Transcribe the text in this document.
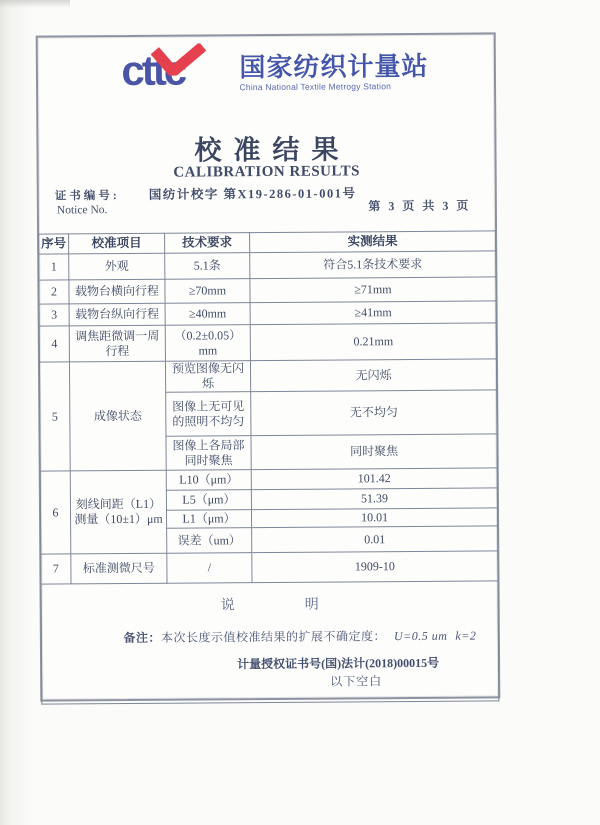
cttc	国家纺织计量站
China National Textile Metrogy Station
校准结果
CALIBRATION RESULTS
证书编号:
Notice No.
国纺计校字 第X19-286-01-001号
第 3 页 共 3 页
序号	校准项目	技术要求	实测结果
1	外观	5.1条	符合5.1条技术要求
2	载物台横向行程	≥70mm	≥71mm
3	载物台纵向行程	≥40mm	≥41mm
4	调焦距微调一周行程	（0.2±0.05）mm	0.21mm
5	成像状态	预览图像无闪烁	无闪烁
		图像上无可见的照明不均匀	无不均匀
		图像上各局部同时聚焦	同时聚焦
6	刻线间距（L1）测量（10±1）μm	L10（μm）	101.42
		L5（μm）	51.39
		L1（μm）	10.01
		误差（um）	0.01
7	标准测微尺号	/	1909-10

说明
备注：本次长度示值校准结果的扩展不确定度： U=0.5 um k=2
计量授权证书号(国)法计(2018)00015号
以下空白			
